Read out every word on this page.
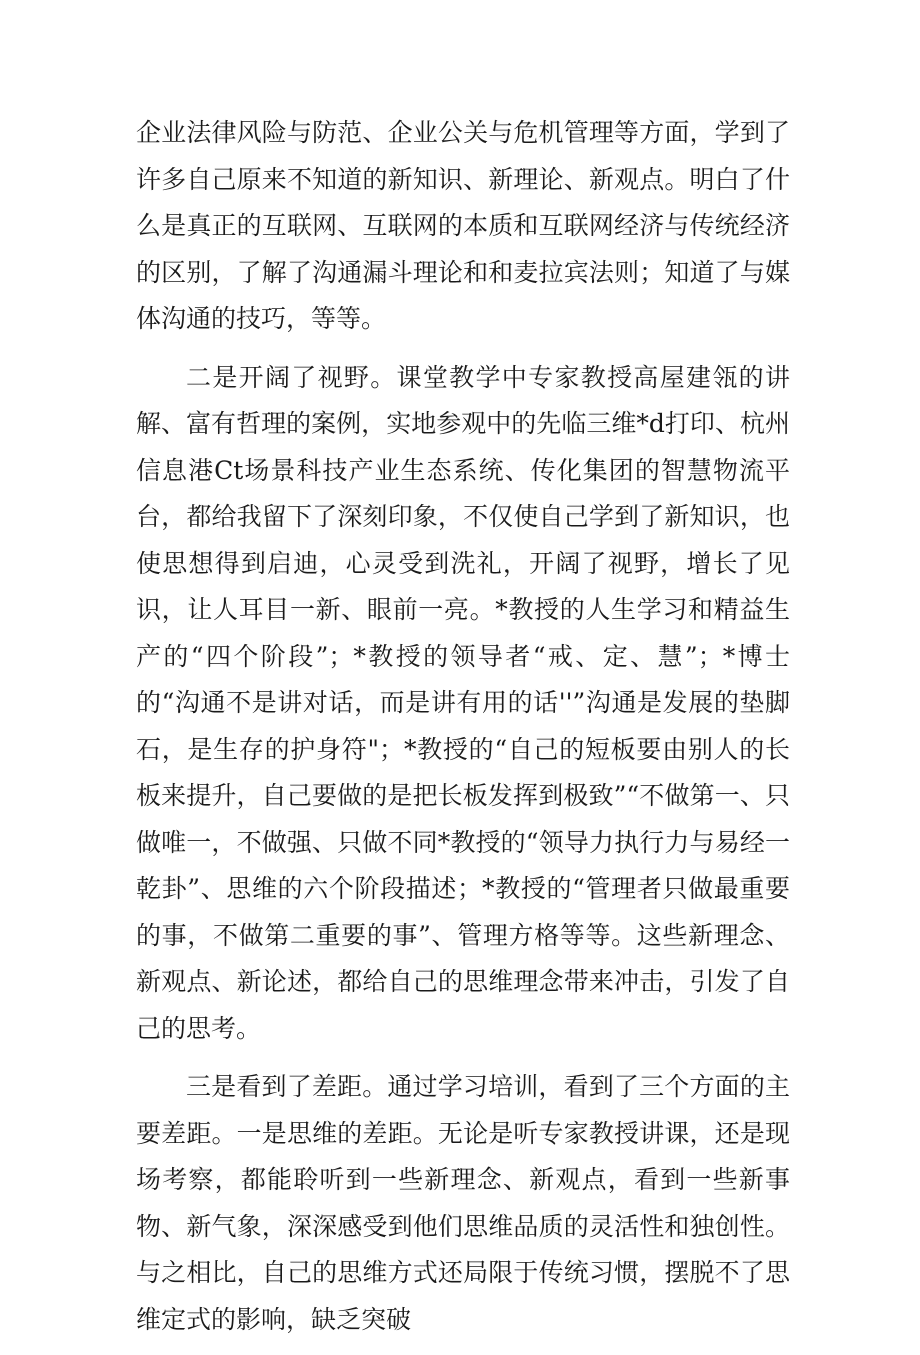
企业法律风险与防范、企业公关与危机管理等方面，学到了许多自己原来不知道的新知识、新理论、新观点。明白了什么是真正的互联网、互联网的本质和互联网经济与传统经济的区别，了解了沟通漏斗理论和和麦拉宾法则；知道了与媒体沟通的技巧，等等。

二是开阔了视野。课堂教学中专家教授高屋建瓴的讲解、富有哲理的案例，实地参观中的先临三维*d打印、杭州信息港Ct场景科技产业生态系统、传化集团的智慧物流平台，都给我留下了深刻印象，不仅使自己学到了新知识，也使思想得到启迪，心灵受到洗礼，开阔了视野，增长了见识，让人耳目一新、眼前一亮。*教授的人生学习和精益生产的“四个阶段”；*教授的领导者“戒、定、慧”；*博士的“沟通不是讲对话，而是讲有用的话''”沟通是发展的垫脚石，是生存的护身符"；*教授的“自己的短板要由别人的长板来提升，自己要做的是把长板发挥到极致”“不做第一、只做唯一，不做强、只做不同*教授的“领导力执行力与易经一乾卦”、思维的六个阶段描述；*教授的“管理者只做最重要的事，不做第二重要的事”、管理方格等等。这些新理念、新观点、新论述，都给自己的思维理念带来冲击，引发了自己的思考。

三是看到了差距。通过学习培训，看到了三个方面的主要差距。一是思维的差距。无论是听专家教授讲课，还是现场考察，都能聆听到一些新理念、新观点，看到一些新事物、新气象，深深感受到他们思维品质的灵活性和独创性。与之相比，自己的思维方式还局限于传统习惯，摆脱不了思维定式的影响，缺乏突破
